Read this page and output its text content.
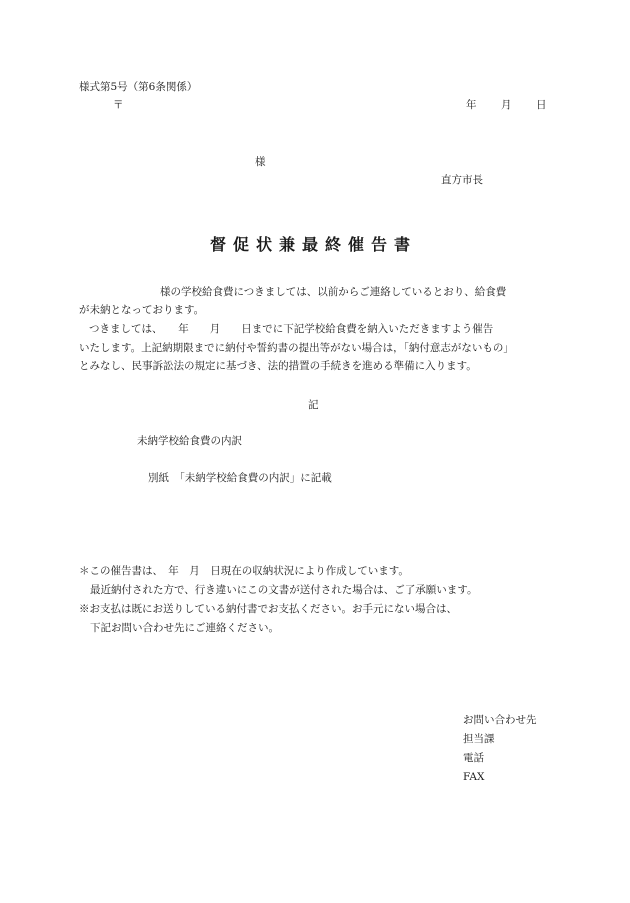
様式第5号（第6条関係）
〒	年 月 日
様
直方市長
督促状兼最終催告書
様の学校給食費につきましては、以前からご連絡しているとおり、給食費
が未納となっております。
つきましては、　　年　　月　　日までに下記学校給食費を納入いただきますよう催告
いたします。上記納期限までに納付や誓約書の提出等がない場合は，「納付意志がないもの」
とみなし、民事訴訟法の規定に基づき、法的措置の手続きを進める準備に入ります。
記
未納学校給食費の内訳
別紙　「未納学校給食費の内訳」に記載
＊この催告書は、　年　月　日現在の収納状況により作成しています。
最近納付された方で、行き違いにこの文書が送付された場合は、ご了承願います。
※お支払は既にお送りしている納付書でお支払ください。お手元にない場合は、
下記お問い合わせ先にご連絡ください。
お問い合わせ先
担当課
電話
FAX
